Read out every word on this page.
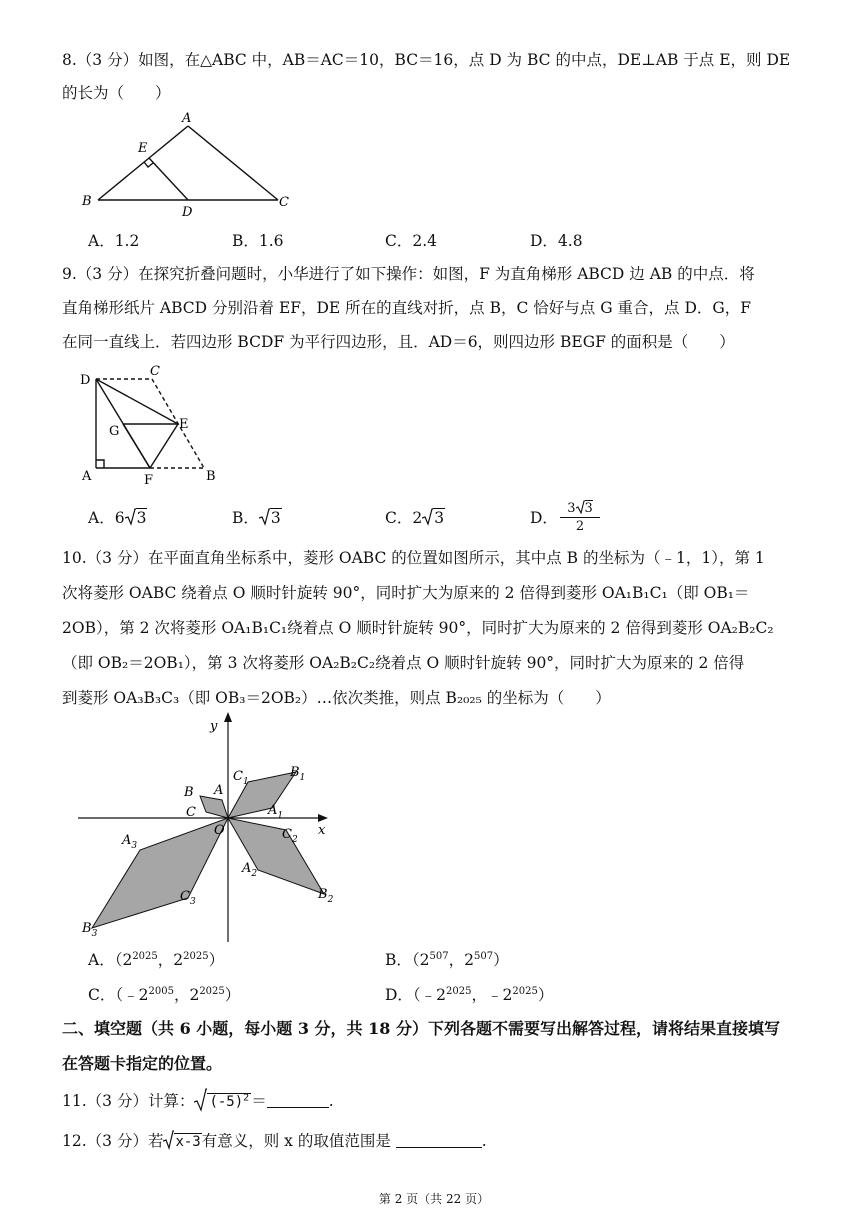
8.（3 分）如图，在△ABC 中，AB＝AC＝10，BC＝16，点 D 为 BC 的中点，DE⊥AB 于点 E，则 DE
的长为（　　）
A
E
B
D
C
A．1.2	B．1.6	C．2.4	D．4.8
9.（3 分）在探究折叠问题时，小华进行了如下操作：如图，F 为直角梯形 ABCD 边 AB 的中点．将
直角梯形纸片 ABCD 分别沿着 EF，DE 所在的直线对折，点 B，C 恰好与点 G 重合，点 D．G，F
在同一直线上．若四边形 BCDF 为平行四边形，且．AD＝6，则四边形 BEGF 的面积是（　　）
D
C
G	E
A	F	B
A．6 3	B． 3	C．2 3	D．
3 3
2
10.（3 分）在平面直角坐标系中，菱形 OABC 的位置如图所示，其中点 B 的坐标为（﹣1，1），第 1
次将菱形 OABC 绕着点 O 顺时针旋转 90°，同时扩大为原来的 2 倍得到菱形 OA₁B₁C₁（即 OB₁＝
2OB），第 2 次将菱形 OA₁B₁C₁绕着点 O 顺时针旋转 90°，同时扩大为原来的 2 倍得到菱形 OA₂B₂C₂
（即 OB₂＝2OB₁），第 3 次将菱形 OA₂B₂C₂绕着点 O 顺时针旋转 90°，同时扩大为原来的 2 倍得
到菱形 OA₃B₃C₃（即 OB₃＝2OB₂）…依次类推，则点 B₂₀₂₅ 的坐标为（　　）
y
x
O
B A
C
$C_1$
$B_1$
$A_1$
$C_2$
$A_2$
$B_2$
$A_3$
$C_3$
$B_3$
A．（$2^{2025}$，$2^{2025}$）	B．（$2^{507}$，$2^{507}$）
C．（$﹣2^{2005}$，$2^{2025}$）	D．（$﹣2^{2025}$，$﹣2^{2025}$）
二、填空题（共 6 小题，每小题 3 分，共 18 分）下列各题不需要写出解答过程，请将结果直接填写
在答题卡指定的位置。
11.（3 分）计算： $(-5)^2$ ＝	.
12.（3 分）若 x-3有意义，则 x 的取值范围是	.
第 2 页（共 22 页）
